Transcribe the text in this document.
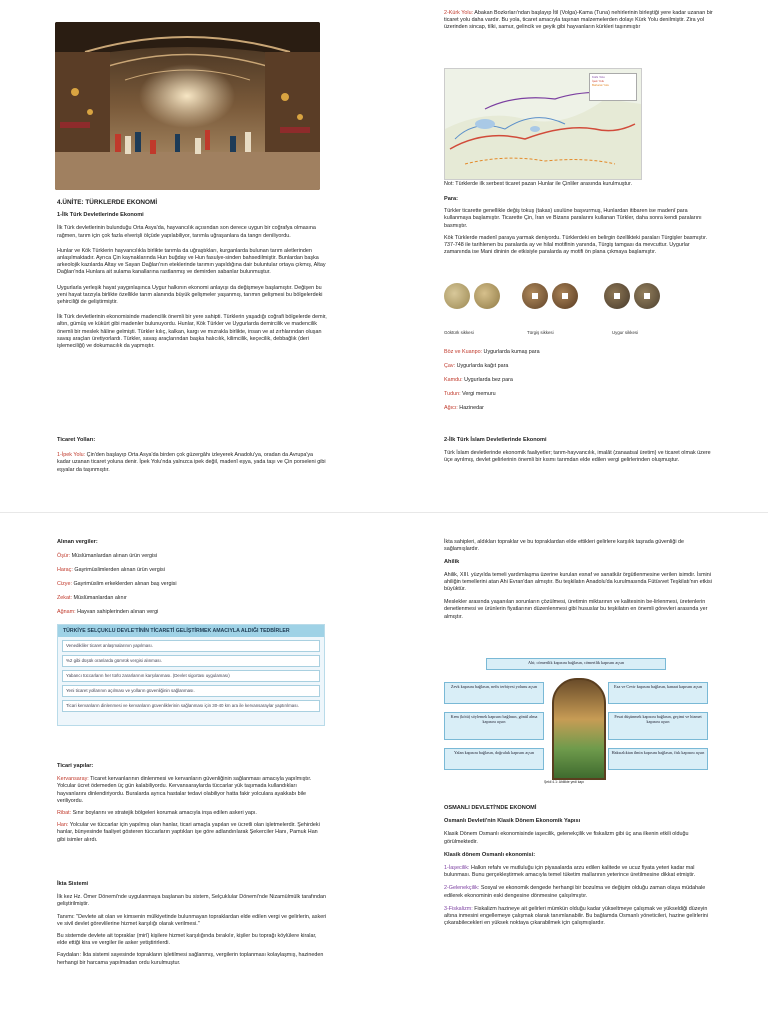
2-Kürk Yolu: Abakan Bozkırları'ndan başlayıp İtil (Volga)-Kama (Tuna) nehirlerinin birleştiği yere kadar uzanan bir ticaret yolu daha vardır. Bu yola, ticaret amacıyla taşınan malzemelerden dolayı Kürk Yolu denilmiştir. Zira yol üzerinden sincap, tilki, samur, gelincik ve geyik gibi hayvanların kürkleri taşınmıştır
Kürk Yolu
İpek Yolu
Baharat Yolu
Not: Türklerde ilk serbest ticaret pazarı Hunlar ile Çinliler arasında kurulmuştur.

Para:

Türkler ticarette genellikle değiş tokuş (takas) usulüne başvurmuş, Hunlardan itibaren ise madenî para kullanmaya başlamıştır. Ticarette Çin, İran ve Bizans paralarını kullanan Türkler, daha sonra kendi paralarını basmıştır.

Kök Türklerde madenî paraya yarmak deniyordu. Türklerdeki en belirgin özellikteki paraları Türgişler basmıştır. 737-748 ile tarihlenen bu paralarda ay ve hilal motifinin yanında, Türgiş tamgası da mevcuttur. Uygurlar zamanında ise Mani dininin de etkisiyle paralarda ay motifi ön plana çıkmaya başlamıştır.

Göktürk sikkesi	Türgiş sikkesi	Uygur sikkesi

Böz ve Kuanpo: Uygurlarda kumaş para

Çav: Uygurlarda kağıt para

Kamdu: Uygurlarda bez para

Tudun: Vergi memuru

Ağıcı: Hazinedar

2-İlk Türk İslam Devletlerinde Ekonomi

Türk İslam devletlerinde ekonomik faaliyetler; tarım-hayvancılık, imalât (zanaatsal üretim) ve ticaret olmak üzere üçe ayrılmış, devlet gelirlerinin önemli bir kısmı tarımdan elde edilen vergi gelirlerinden oluşmuştur.

4.ÜNİTE: TÜRKLERDE EKONOMİ

1-İlk Türk Devletlerinde Ekonomi

İlk Türk devletlerinin bulunduğu Orta Asya'da, hayvancılık açısından son derece uygun bir coğrafya olmasına rağmen, tarım için çok fazla elverişli ölçüde yapılabiliyor, tarımla uğraşanlara da tangrı deniliyordu.

Hunlar ve Kök Türklerin hayvancılıkla birlikte tarımla da uğraştıkları, kurganlarda bulunan tarım aletlerinden anlaşılmaktadır. Ayrıca Çin kaynaklarında Hun buğday ve Hun fasulye-sinden bahsedilmiştir. Bunlardan başka arkeolojik kazılarda Altay ve Sayan Dağları'nın eteklerinde tarımın yapıldığına dair buluntular ortaya çıkmış, Altay Dağları'nda Hunlara ait sulama kanallarına rastlanmış ve demirden sabanlar bulunmuştur.

Uygurlarla yerleşik hayat yaygınlaşınca Uygur halkının ekonomi anlayışı da değişmeye başlamıştır. Değişen bu yeni hayat tarzıyla birlikte özellikle tarım alanında büyük gelişmeler yaşanmış, tarımın gelişmesi bu bölgelerdeki şehirciliği de geliştirmiştir.

İlk Türk devletlerinin ekonomisinde madencilik önemli bir yere sahipti. Türklerin yaşadığı coğrafi bölgelerde demir, altın, gümüş ve kükürt gibi madenler bulunuyordu. Hunlar, Kök Türkler ve Uygurlarda demircilik ve madencilik önemli bir meslek hâline gelmişti. Türkler kılıç, kalkan, kargı ve mızrakla birlikte, insan ve at zırhlarından oluşan savaş araçları üretiyorlardı. Türkler, savaş araçlarından başka halıcılık, kilimcilik, keçecilik, debbağlık (deri işlemeciliği) ve dokumacılık da yapmıştır.

Ticaret Yolları:

1-İpek Yolu: Çin'den başlayıp Orta Asya'da birden çok güzergâhı izleyerek Anadolu'ya, oradan da Avrupa'ya kadar uzanan ticaret yoluna denir. İpek Yolu'nda yalnızca ipek değil, madenî eşya, yada taşı ve Çin porseleni gibi eşyalar da taşınmıştır.

Alınan vergiler:

Öşür: Müslümanlardan alınan ürün vergisi

Haraç: Gayrimüslimlerden alınan ürün vergisi

Cizye: Gayrimüslim erkeklerden alınan baş vergisi

Zekat: Müslümanlardan alınır

Ağnam: Hayvan sahiplerinden alınan vergi

TÜRKİYE SELÇUKLU DEVLE'TİNİN TİCARETİ GELİŞTİRMEK AMACIYLA ALDIĞI TEDBİRLER
Venedikliler ticaret anlaşmalarının yapılması.
%2 gibi düşük oranlarda gümrük vergisi alınması.
Yabancı tüccarların her türlü zararlarının karşılanması. (Devlet sigortası uygulaması)
Yeni ticaret yollarının açılması ve yolların güvenliğinin sağlanması.
Ticari kervanların dinlenmesi ve kervanların güvenliklerinin sağlanması için 30-40 km ara ile kervansaraylar yaptırılması.

Ticari yapılar:

Kervansaray: Ticaret kervanlarının dinlenmesi ve kervanların güvenliğinin sağlanması amacıyla yapılmıştır. Yolcular ücret ödemeden üç gün kalabiliyordu. Kervansaraylarda tüccarlar yük taşımada kullandıkları hayvanlarını dinlendiriyordu. Buralarda ayrıca hastalar tedavi olabiliyor hatta fakir yolculara ayakkabı bile veriliyordu.

Ribat: Sınır boylarını ve stratejik bölgeleri korumak amacıyla inşa edilen askeri yapı.

Han: Yolcular ve tüccarlar için yapılmış olan hanlar, ticari amaçla yapılan ve ücretli olan işletmelerdir. Şehirdeki hanlar, bünyesinde faaliyet gösteren tüccarların yaptıkları işe göre adlandırılarak Şekerciler Hanı, Pamuk Han gibi isimler alırdı.

İkta Sistemi

İlk kez Hz. Ömer Dönemi'nde uygulanmaya başlanan bu sistem, Selçuklular Dönemi'nde Nizamülmülk tarafından geliştirilmiştir.

Tanımı: "Devlete ait olan ve kimsenin mülkiyetinde bulunmayan topraklardan elde edilen vergi ve gelirlerin, askeri ve sivil devlet görevlilerine hizmet karşılığı olarak verilmesi."

Bu sistemde devlete ait topraklar (mirî) kişilere hizmet karşılığında bırakılır, kişiler bu toprağı köylülere kiralar, elde ettiği kira ve vergiler ile asker yetiştirirlerdi.

Faydaları: İkta sistemi sayesinde toprakların işletilmesi sağlanmış, vergilerin toplanması kolaylaşmış, hazineden herhangi bir harcama yapılmadan ordu kurulmuştur.

İkta sahipleri, aldıkları topraklar ve bu topraklardan elde ettikleri gelirlere karşılık taşrada güvenliği de sağlamışlardır.

Ahilik

Ahilik, XIII. yüzyılda temeli yardımlaşma üzerine kurulan esnaf ve sanatkâr örgütlenmesine verilen isimdir. İsmini ahiliğin temellerini atan Ahi Evran'dan almıştır. Bu teşkilatın Anadolu'da kurulmasında Fütüvvet Teşkilatı'nın etkisi büyüktür.

Meslekler arasında yaşanılan sorunların çözülmesi, üretimin miktarının ve kalitesinin be-lirlenmesi, üretenlerin denetlenmesi ve ürünlerin fiyatlarının düzenlenmesi gibi hususlar bu teşkilatın en önemli görevleri arasında yer almıştır.

Ahi; cömertlik kapısını bağlasın, cömertlik kapısını açsın
Zevk kapısını bağlasın, nefis terbiyesi yolunu açsın
Kem (kötü) söylemek kapısını bağlasın, gönül alma kapısını açsın
Yalan kapısını bağlasın, doğruluk kapısını açsın
Eza ve Cevir kapısını bağlasın, kanaat kapısını açsın
Fesat düşünmek kapısını bağlasın, geçimi ve hizmet kapısını açsın
Haksızlıktan ilmin kapısını bağlasın, fisk kapısını açsın
Şekil 4.1: Ahilikte yedi kapı

OSMANLI DEVLETİ'NDE EKONOMİ

Osmanlı Devleti'nin Klasik Dönem Ekonomik Yapısı

Klasik Dönem Osmanlı ekonomisinde iaşecilik, gelenekçilik ve fiskalizm gibi üç ana ilkenin etkili olduğu görülmektedir.

Klasik dönem Osmanlı ekonomisi:

1-İaşecilik: Halkın refahı ve mutluluğu için piyasalarda arzu edilen kalitede ve ucuz fiyata yeteri kadar mal bulunması. Bunu gerçekleştirmek amacıyla temel tüketim mallarının yeterince üretilmesine dikkat etmiştir.

2-Gelenekçilik: Sosyal ve ekonomik dengede herhangi bir bozulma ve değişim olduğu zaman olaya müdahale edilerek ekonominin eski dengesine dönmesine çalışılmıştır.

3-Fiskalizm: Fiskalizm hazineye ait gelirleri mümkün olduğu kadar yükseltmeye çalışmak ve yükseldiği düzeyin altına inmesini engellemeye çalışmak olarak tanımlanabilir. Bu bağlamda Osmanlı yöneticileri, hazine gelirlerini çıkarabilecekleri en yüksek noktaya çıkarabilmek için çalışmışlardır.
